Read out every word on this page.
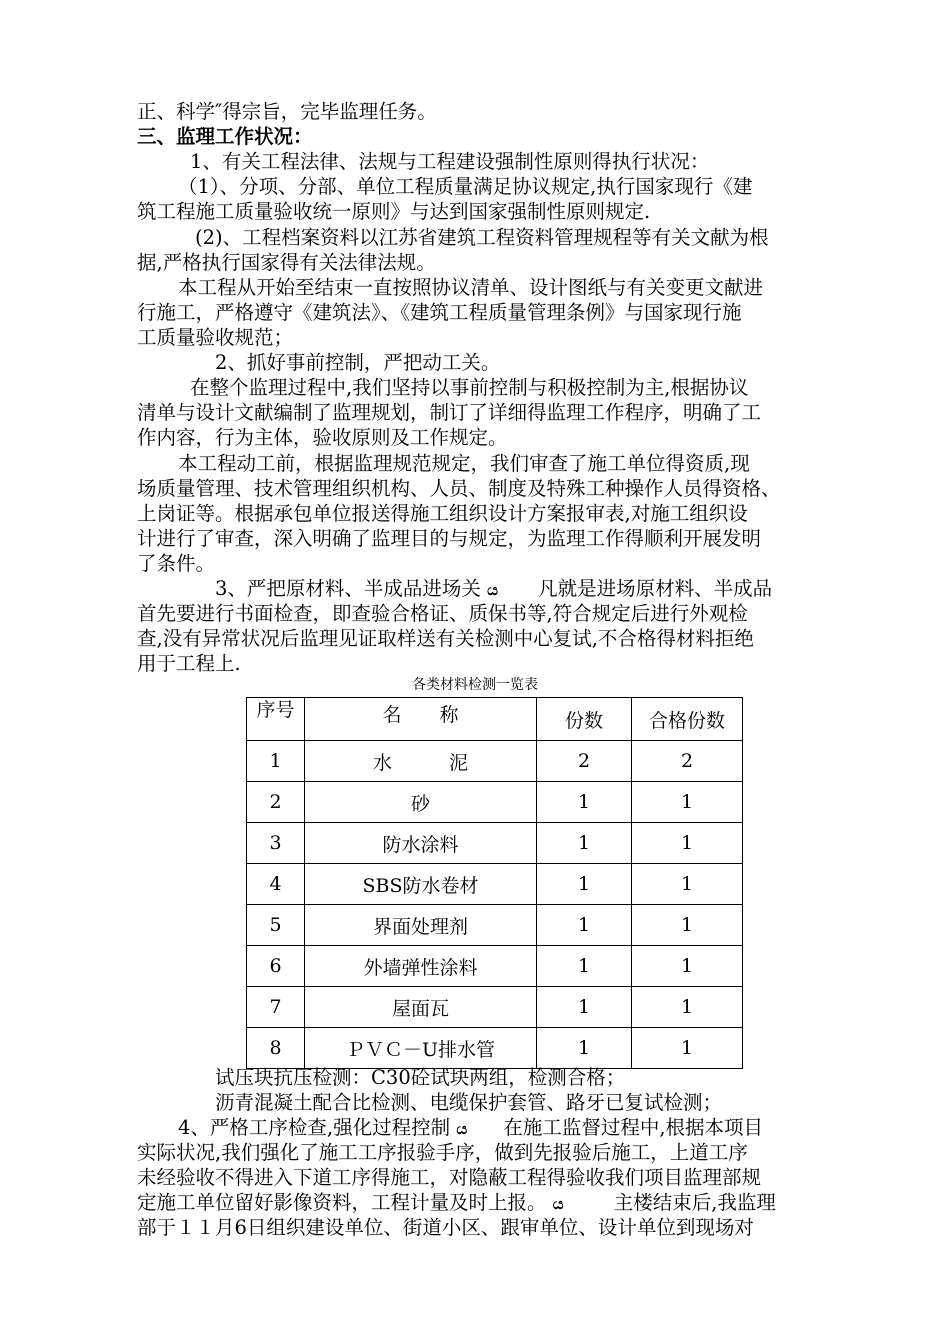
正、科学″得宗旨，完毕监理任务。
三、监理工作状况：
1、有关工程法律、法规与工程建设强制性原则得执行状况：
（1）、分项、分部、单位工程质量满足协议规定,执行国家现行《建
筑工程施工质量验收统一原则》与达到国家强制性原则规定.
(2)、工程档案资料以江苏省建筑工程资料管理规程等有关文献为根
据,严格执行国家得有关法律法规。
本工程从开始至结束一直按照协议清单、设计图纸与有关变更文献进
行施工，严格遵守《建筑法》、《建筑工程质量管理条例》与国家现行施
工质量验收规范；
2、抓好事前控制，严把动工关。
在整个监理过程中,我们坚持以事前控制与积极控制为主,根据协议
清单与设计文献编制了监理规划，制订了详细得监理工作程序，明确了工
作内容，行为主体，验收原则及工作规定。
本工程动工前，根据监理规范规定，我们审查了施工单位得资质,现
场质量管理、技术管理组织机构、人员、制度及特殊工种操作人员得资格、
上岗证等。根据承包单位报送得施工组织设计方案报审表,对施工组织设
计进行了审查，深入明确了监理目的与规定，为监理工作得顺利开展发明
了条件。
3、严把原材料、半成品进场关 ය 凡就是进场原材料、半成品
首先要进行书面检查，即查验合格证、质保书等,符合规定后进行外观检
查,没有异常状况后监理见证取样送有关检测中心复试,不合格得材料拒绝
用于工程上.
各类材料检测一览表
序号	名　　称	份数	合格份数
1	水　　　泥	2	2
2	砂	1	1
3	防水涂料	1	1
4	SBS防水卷材	1	1
5	界面处理剂	1	1
6	外墙弹性涂料	1	1
7	屋面瓦	1	1
8	ＰＶＣ－U排水管	1	1
试压块抗压检测：C30砼试块两组，检测合格；
沥青混凝土配合比检测、电缆保护套管、路牙已复试检测；
4、严格工序检查,强化过程控制 ය 在施工监督过程中,根据本项目
实际状况,我们强化了施工工序报验手序，做到先报验后施工，上道工序
未经验收不得进入下道工序得施工，对隐蔽工程得验收我们项目监理部规
定施工单位留好影像资料，工程计量及时上报。 ය	主楼结束后,我监理
部于１１月6日组织建设单位、街道小区、跟审单位、设计单位到现场对
